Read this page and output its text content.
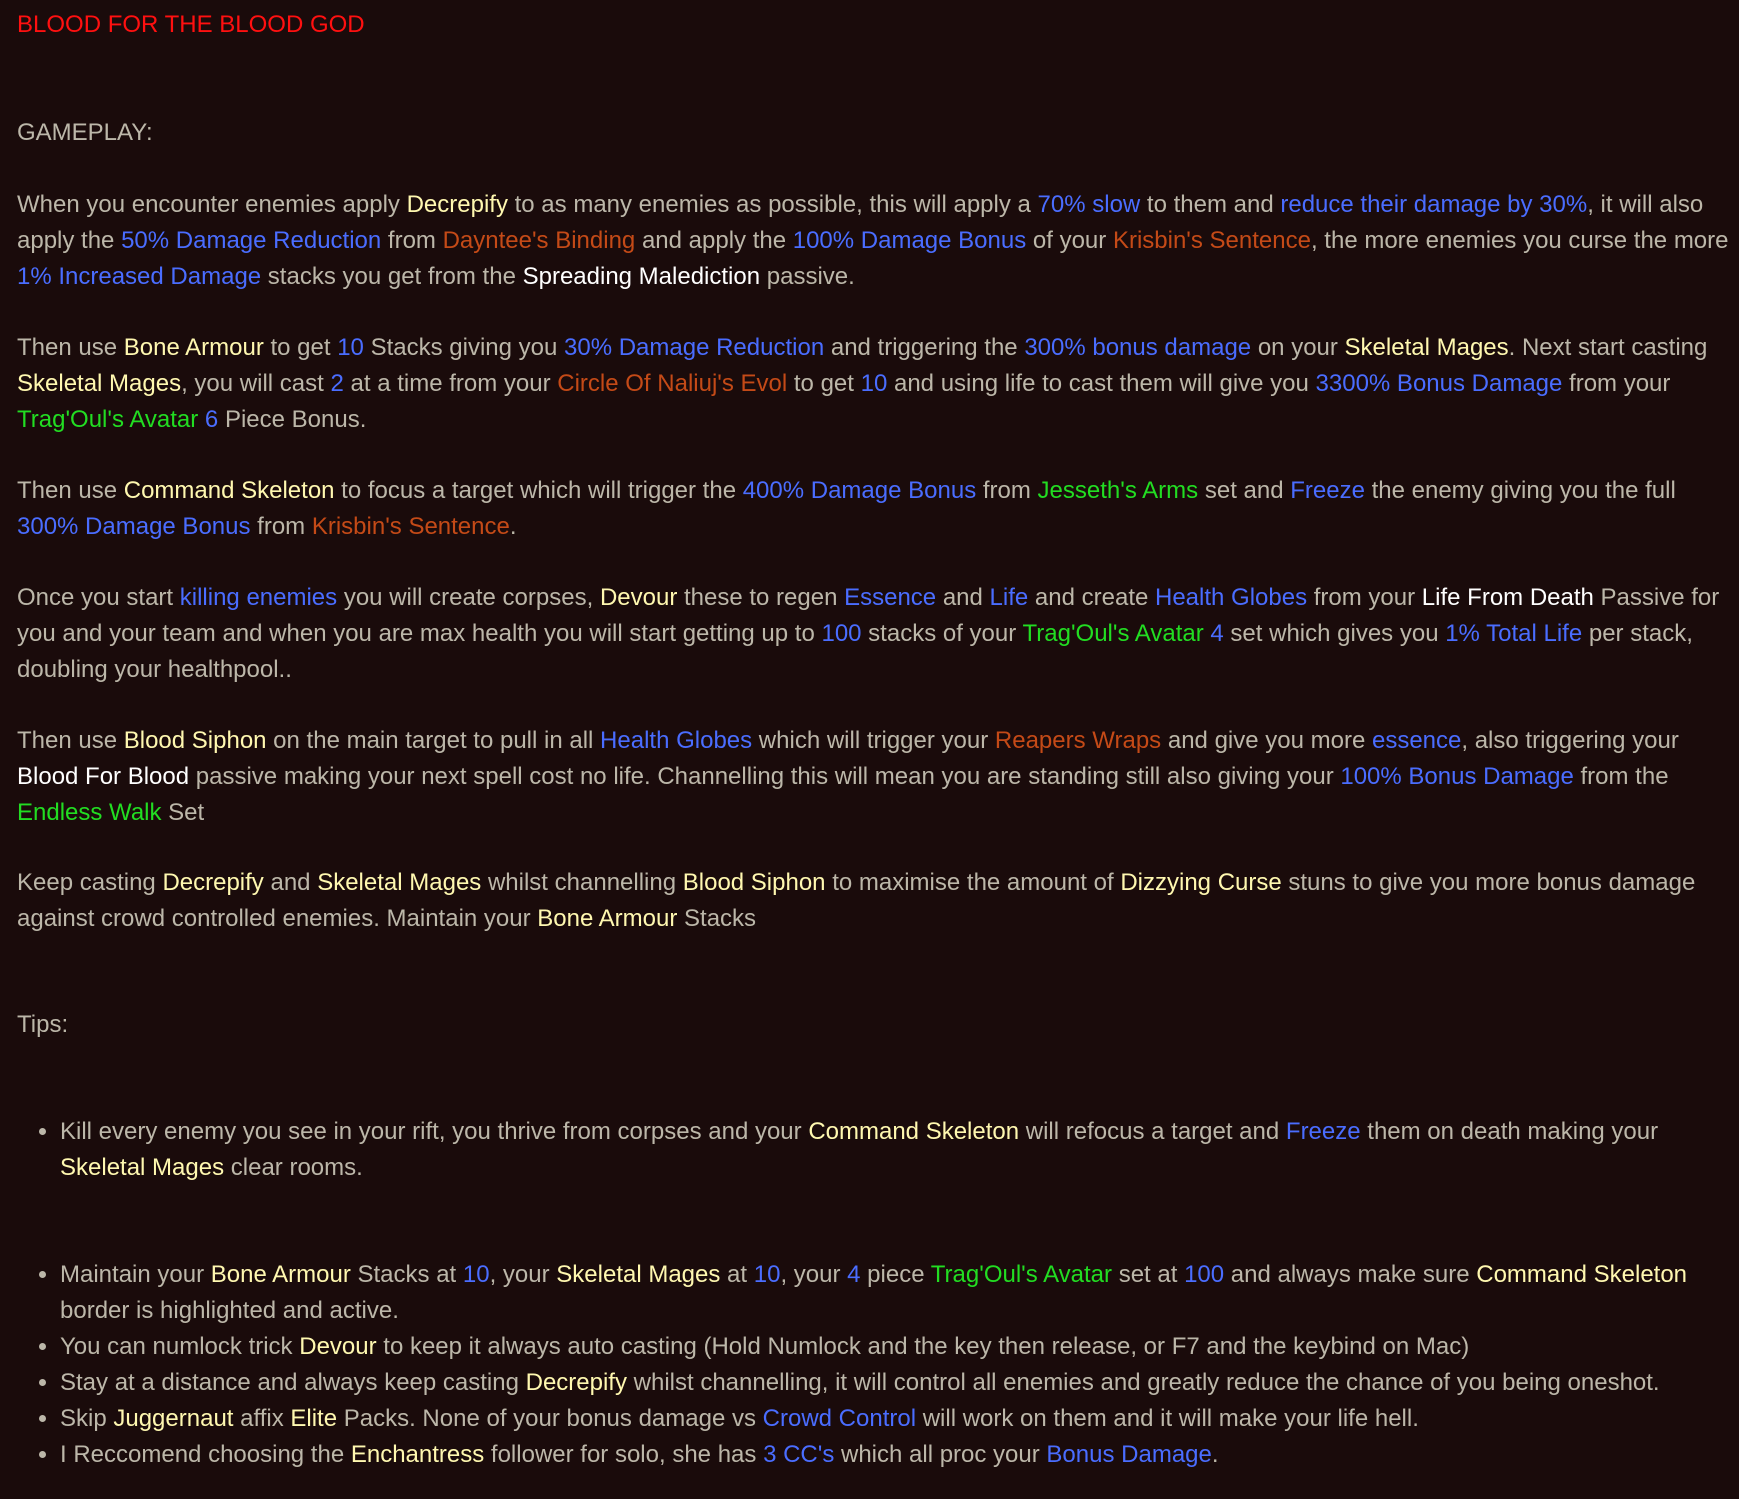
BLOOD FOR THE BLOOD GOD
GAMEPLAY:
When you encounter enemies apply Decrepify to as many enemies as possible, this will apply a 70% slow to them and reduce their damage by 30%, it will also apply the 50% Damage Reduction from Dayntee's Binding and apply the 100% Damage Bonus of your Krisbin's Sentence, the more enemies you curse the more 1% Increased Damage stacks you get from the Spreading Malediction passive.
Then use Bone Armour to get 10 Stacks giving you 30% Damage Reduction and triggering the 300% bonus damage on your Skeletal Mages. Next start casting Skeletal Mages, you will cast 2 at a time from your Circle Of Naliuj's Evol to get 10 and using life to cast them will give you 3300% Bonus Damage from your Trag'Oul's Avatar 6 Piece Bonus.
Then use Command Skeleton to focus a target which will trigger the 400% Damage Bonus from Jesseth's Arms set and Freeze the enemy giving you the full 300% Damage Bonus from Krisbin's Sentence.
Once you start killing enemies you will create corpses, Devour these to regen Essence and Life and create Health Globes from your Life From Death Passive for you and your team and when you are max health you will start getting up to 100 stacks of your Trag'Oul's Avatar 4 set which gives you 1% Total Life per stack, doubling your healthpool..
Then use Blood Siphon on the main target to pull in all Health Globes which will trigger your Reapers Wraps and give you more essence, also triggering your Blood For Blood passive making your next spell cost no life. Channelling this will mean you are standing still also giving your 100% Bonus Damage from the Endless Walk Set
Keep casting Decrepify and Skeletal Mages whilst channelling Blood Siphon to maximise the amount of Dizzying Curse stuns to give you more bonus damage against crowd controlled enemies. Maintain your Bone Armour Stacks
Tips:
• Kill every enemy you see in your rift, you thrive from corpses and your Command Skeleton will refocus a target and Freeze them on death making your Skeletal Mages clear rooms.
• Maintain your Bone Armour Stacks at 10, your Skeletal Mages at 10, your 4 piece Trag'Oul's Avatar set at 100 and always make sure Command Skeleton border is highlighted and active.
• You can numlock trick Devour to keep it always auto casting (Hold Numlock and the key then release, or F7 and the keybind on Mac)
• Stay at a distance and always keep casting Decrepify whilst channelling, it will control all enemies and greatly reduce the chance of you being oneshot.
• Skip Juggernaut affix Elite Packs. None of your bonus damage vs Crowd Control will work on them and it will make your life hell.
• I Reccomend choosing the Enchantress follower for solo, she has 3 CC's which all proc your Bonus Damage.
